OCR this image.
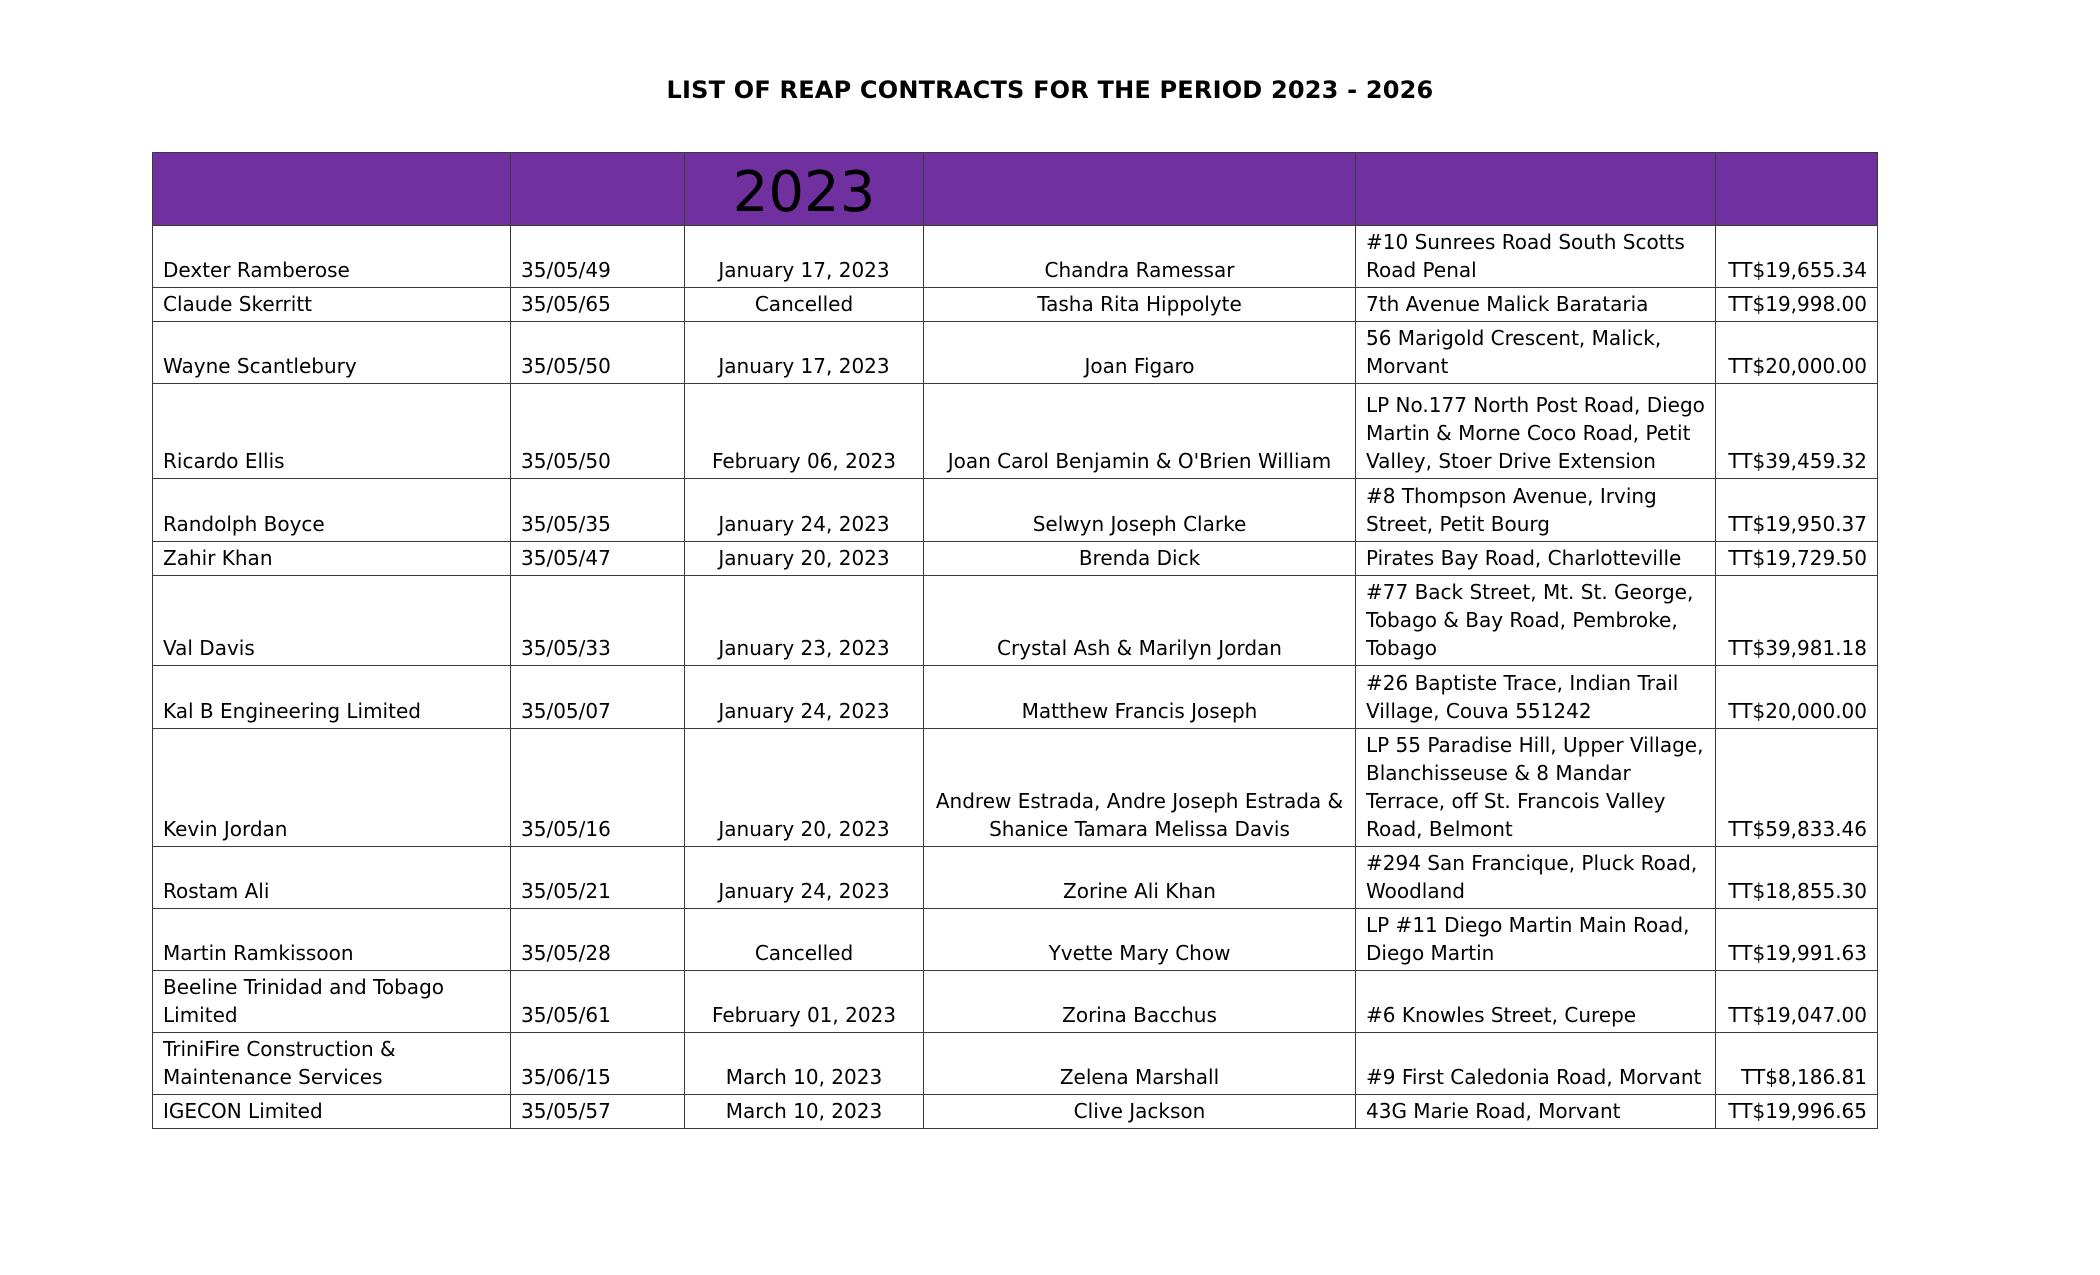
LIST OF REAP CONTRACTS FOR THE PERIOD 2023 - 2026
		2023			
Dexter Ramberose	35/05/49	January 17, 2023	Chandra Ramessar	#10 Sunrees Road South Scotts Road Penal	TT$19,655.34
Claude Skerritt	35/05/65	Cancelled	Tasha Rita Hippolyte	7th Avenue Malick Barataria	TT$19,998.00
Wayne Scantlebury	35/05/50	January 17, 2023	Joan Figaro	56 Marigold Crescent, Malick, Morvant	TT$20,000.00
Ricardo Ellis	35/05/50	February 06, 2023	Joan Carol Benjamin & O'Brien William	LP No.177 North Post Road, Diego Martin & Morne Coco Road, Petit Valley, Stoer Drive Extension	TT$39,459.32
Randolph Boyce	35/05/35	January 24, 2023	Selwyn Joseph Clarke	#8 Thompson Avenue, Irving Street, Petit Bourg	TT$19,950.37
Zahir Khan	35/05/47	January 20, 2023	Brenda Dick	Pirates Bay Road, Charlotteville	TT$19,729.50
Val Davis	35/05/33	January 23, 2023	Crystal Ash & Marilyn Jordan	#77 Back Street, Mt. St. George, Tobago & Bay Road, Pembroke, Tobago	TT$39,981.18
Kal B Engineering Limited	35/05/07	January 24, 2023	Matthew Francis Joseph	#26 Baptiste Trace, Indian Trail Village, Couva 551242	TT$20,000.00
Kevin Jordan	35/05/16	January 20, 2023	Andrew Estrada, Andre Joseph Estrada & Shanice Tamara Melissa Davis	LP 55 Paradise Hill, Upper Village, Blanchisseuse & 8 Mandar Terrace, off St. Francois Valley Road, Belmont	TT$59,833.46
Rostam Ali	35/05/21	January 24, 2023	Zorine Ali Khan	#294 San Francique, Pluck Road, Woodland	TT$18,855.30
Martin Ramkissoon	35/05/28	Cancelled	Yvette Mary Chow	LP #11 Diego Martin Main Road, Diego Martin	TT$19,991.63
Beeline Trinidad and Tobago Limited	35/05/61	February 01, 2023	Zorina Bacchus	#6 Knowles Street, Curepe	TT$19,047.00
TriniFire Construction & Maintenance Services	35/06/15	March 10, 2023	Zelena Marshall	#9 First Caledonia Road, Morvant	TT$8,186.81
IGECON Limited	35/05/57	March 10, 2023	Clive Jackson	43G Marie Road, Morvant	TT$19,996.65
